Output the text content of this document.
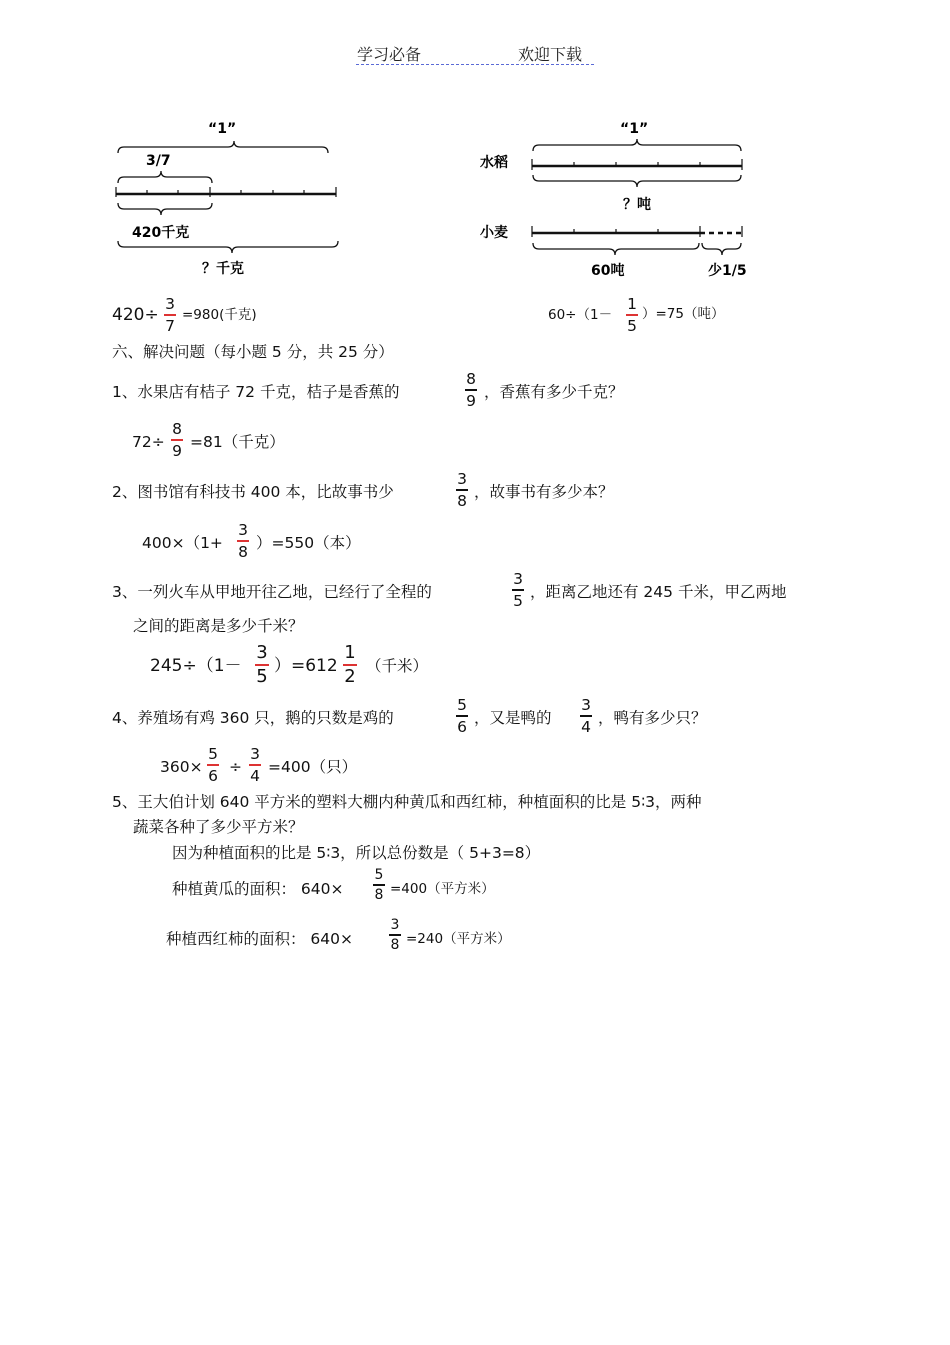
学习必备	欢迎下载
“1”
3/7
420千克
？千克
“1”
水稻
？吨
小麦
60吨	少1/5
420÷
3
7
=980(千克)	60÷（1－
1
5
）=75（吨）
六、解决问题（每小题 5 分，共 25 分）
1、水果店有桔子 72 千克，桔子是香蕉的
8
9 ，香蕉有多少千克？
72÷
8
9 =81（千克）
2、图书馆有科技书 400 本，比故事书少
3
8 ，故事书有多少本？
400×（1+
3
8 ）=550（本）
3、一列火车从甲地开往乙地，已经行了全程的
3
5 ，距离乙地还有 245 千米，甲乙两地
之间的距离是多少千米？
245÷（1－
3
5 ）=612
1
2 （千米）
4、养殖场有鸡 360 只，鹅的只数是鸡的
5
6 ，又是鸭的
3
4 ，鸭有多少只？
360×
5
6 ÷
3
4 =400（只）
5、王大伯计划 640 平方米的塑料大棚内种黄瓜和西红柿，种植面积的比是 5∶3，两种
蔬菜各种了多少平方米？
因为种植面积的比是 5∶3，所以总份数是（ 5+3=8）
种植黄瓜的面积： 640×
5
8 =400（平方米）
种植西红柿的面积： 640×
3
8 =240（平方米）
